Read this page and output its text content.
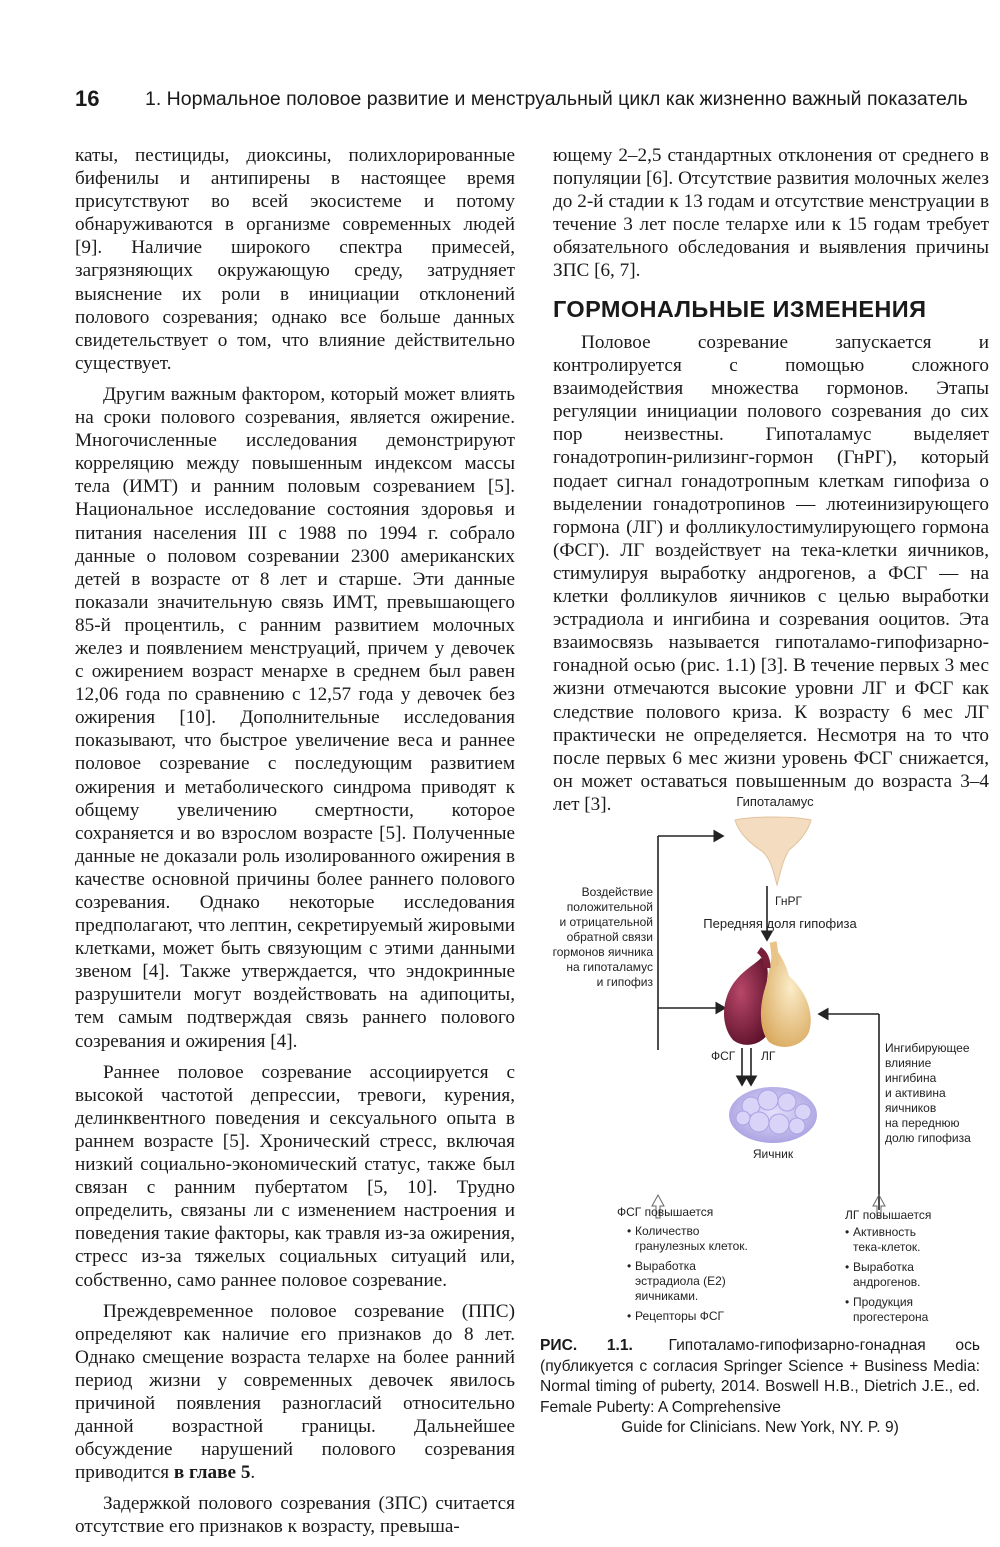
16 1. Нормальное половое развитие и менструальный цикл как жизненно важный показатель

каты, пестициды, диоксины, полихлорированные бифенилы и антипирены в настоящее время присутствуют во всей экосистеме и потому обнаруживаются в организме современных людей [9]. Наличие широкого спектра примесей, загрязняющих окружающую среду, затрудняет выяснение их роли в инициации отклонений полового созревания; однако все больше данных свидетельствует о том, что влияние действительно существует.

Другим важным фактором, который может влиять на сроки полового созревания, является ожирение. Многочисленные исследования демонстрируют корреляцию между повышенным индексом массы тела (ИМТ) и ранним половым созреванием [5]. Национальное исследование состояния здоровья и питания населения III с 1988 по 1994 г. собрало данные о половом созревании 2300 американских детей в возрасте от 8 лет и старше. Эти данные показали значительную связь ИМТ, превышающего 85-й процентиль, с ранним развитием молочных желез и появлением менструаций, причем у девочек с ожирением возраст менархе в среднем был равен 12,06 года по сравнению с 12,57 года у девочек без ожирения [10]. Дополнительные исследования показывают, что быстрое увеличение веса и раннее половое созревание с последующим развитием ожирения и метаболического синдрома приводят к общему увеличению смертности, которое сохраняется и во взрослом возрасте [5]. Полученные данные не доказали роль изолированного ожирения в качестве основной причины более раннего полового созревания. Однако некоторые исследования предполагают, что лептин, секретируемый жировыми клетками, может быть связующим с этими данными звеном [4]. Также утверждается, что эндокринные разрушители могут воздействовать на адипоциты, тем самым подтверждая связь раннего полового созревания и ожирения [4].

Раннее половое созревание ассоциируется с высокой частотой депрессии, тревоги, курения, делинквентного поведения и сексуального опыта в раннем возрасте [5]. Хронический стресс, включая низкий социально-экономический статус, также был связан с ранним пубертатом [5, 10]. Трудно определить, связаны ли с изменением настроения и поведения такие факторы, как травля из-за ожирения, стресс из-за тяжелых социальных ситуаций или, собственно, само раннее половое созревание.

Преждевременное половое созревание (ППС) определяют как наличие его признаков до 8 лет. Однако смещение возраста телархе на более ранний период жизни у современных девочек явилось причиной появления разногласий относительно данной возрастной границы. Дальнейшее обсуждение нарушений полового созревания приводится в главе 5.

Задержкой полового созревания (ЗПС) считается отсутствие его признаков к возрасту, превыша-

ющему 2–2,5 стандартных отклонения от среднего в популяции [6]. Отсутствие развития молочных желез до 2-й стадии к 13 годам и отсутствие менструации в течение 3 лет после телархе или к 15 годам требует обязательного обследования и выявления причины ЗПС [6, 7].

ГОРМОНАЛЬНЫЕ ИЗМЕНЕНИЯ

Половое созревание запускается и контролируется с помощью сложного взаимодействия множества гормонов. Этапы регуляции инициации полового созревания до сих пор неизвестны. Гипоталамус выделяет гонадотропин-рилизинг-гормон (ГнРГ), который подает сигнал гонадотропным клеткам гипофиза о выделении гонадотропинов — лютеинизирующего гормона (ЛГ) и фолликулостимулирующего гормона (ФСГ). ЛГ воздействует на тека-клетки яичников, стимулируя выработку андрогенов, а ФСГ — на клетки фолликулов яичников с целью выработки эстрадиола и ингибина и созревания ооцитов. Эта взаимосвязь называется гипоталамо-гипофизарно-гонадной осью (рис. 1.1) [3]. В течение первых 3 мес жизни отмечаются высокие уровни ЛГ и ФСГ как следствие полового криза. К возрасту 6 мес ЛГ практически не определяется. Несмотря на то что после первых 6 мес жизни уровень ФСГ снижается, он может оставаться повышенным до возраста 3–4 лет [3].	Гипоталамус
ГнРГ
Передняя доля гипофиза
Воздействие
положительной
и отрицательной
обратной связи
гормонов яичника
на гипоталамус
и гипофиз
ФСГ ЛГ
Яичник
Ингибирующее
влияние
ингибина
и активина
яичников
на переднюю
долю гипофиза
ФСГ повышается
• Количество
гранулезных клеток.
• Выработка
эстрадиола (E2)
яичниками.
• Рецепторы ФСГ
ЛГ повышается
• Активность
тека-клеток.
• Выработка
андрогенов.
• Продукция
прогестерона
РИС. 1.1. Гипоталамо-гипофизарно-гонадная ось (публикуется с согласия Springer Science + Business Media: Normal timing of puberty, 2014. Boswell H.B., Dietrich J.E., ed. Female Puberty: A Comprehensive
Guide for Clinicians. New York, NY. P. 9)
